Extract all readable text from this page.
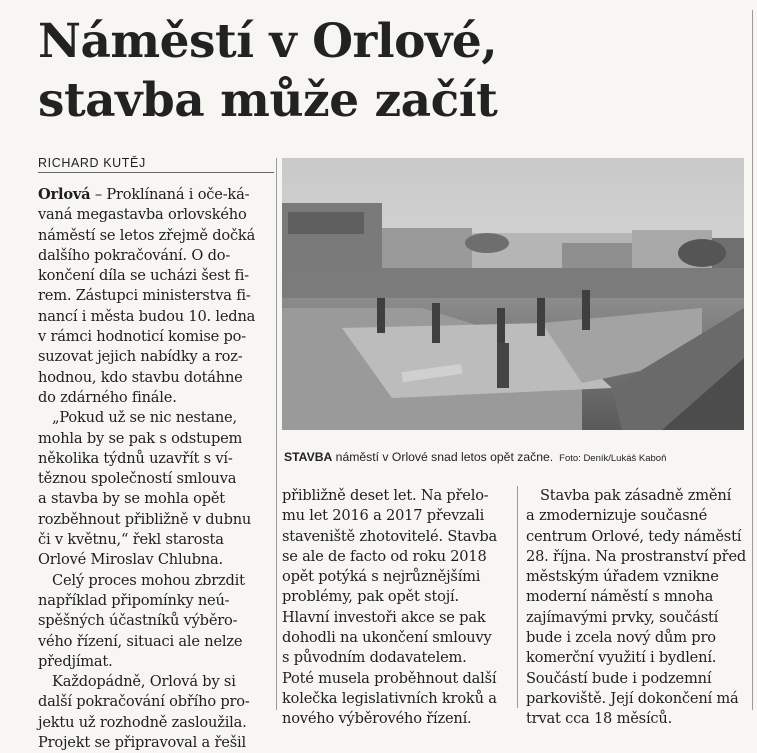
Náměstí v Orlové,
stavba může začít
RICHARD KUTĚJ
STAVBA náměstí v Orlové snad letos opět začne. Foto: Deník/Lukáš Kaboň

Orlová – Proklínaná i oče-ká-
vaná megastavba orlovského
náměstí se letos zřejmě dočká
dalšího pokračování. O do-
končení díla se ucházi šest fi-
rem. Zástupci ministerstva fi-
nancí i města budou 10. ledna
v rámci hodnoticí komise po-
suzovat jejich nabídky a roz-
hodnou, kdo stavbu dotáhne
do zdárného finále.

„Pokud už se nic nestane,
mohla by se pak s odstupem
několika týdnů uzavřít s ví-
těznou společností smlouva
a stavba by se mohla opět
rozběhnout přibližně v dubnu
či v květnu,“ řekl starosta
Orlové Miroslav Chlubna.

Celý proces mohou zbrzdit
například připomínky neú-
spěšných účastníků výběro-
vého řízení, situaci ale nelze
předjímat.

Každopádně, Orlová by si
další pokračování obřího pro-
jektu už rozhodně zasloužila.
Projekt se připravoval a řešil

přibližně deset let. Na přelo-
mu let 2016 a 2017 převzali
staveniště zhotovitelé. Stavba
se ale de facto od roku 2018
opět potýká s nejrůznějšími
problémy, pak opět stojí.
Hlavní investoři akce se pak
dohodli na ukončení smlouvy
s původním dodavatelem.
Poté musela proběhnout další
kolečka legislativních kroků a
nového výběrového řízení.

Stavba pak zásadně změní
a zmodernizuje současné
centrum Orlové, tedy náměstí
28. října. Na prostranství před
městským úřadem vznikne
moderní náměstí s mnoha
zajímavými prvky, součástí
bude i zcela nový dům pro
komerční využití i bydlení.
Součástí bude i podzemní
parkoviště. Její dokončení má
trvat cca 18 měsíců.
